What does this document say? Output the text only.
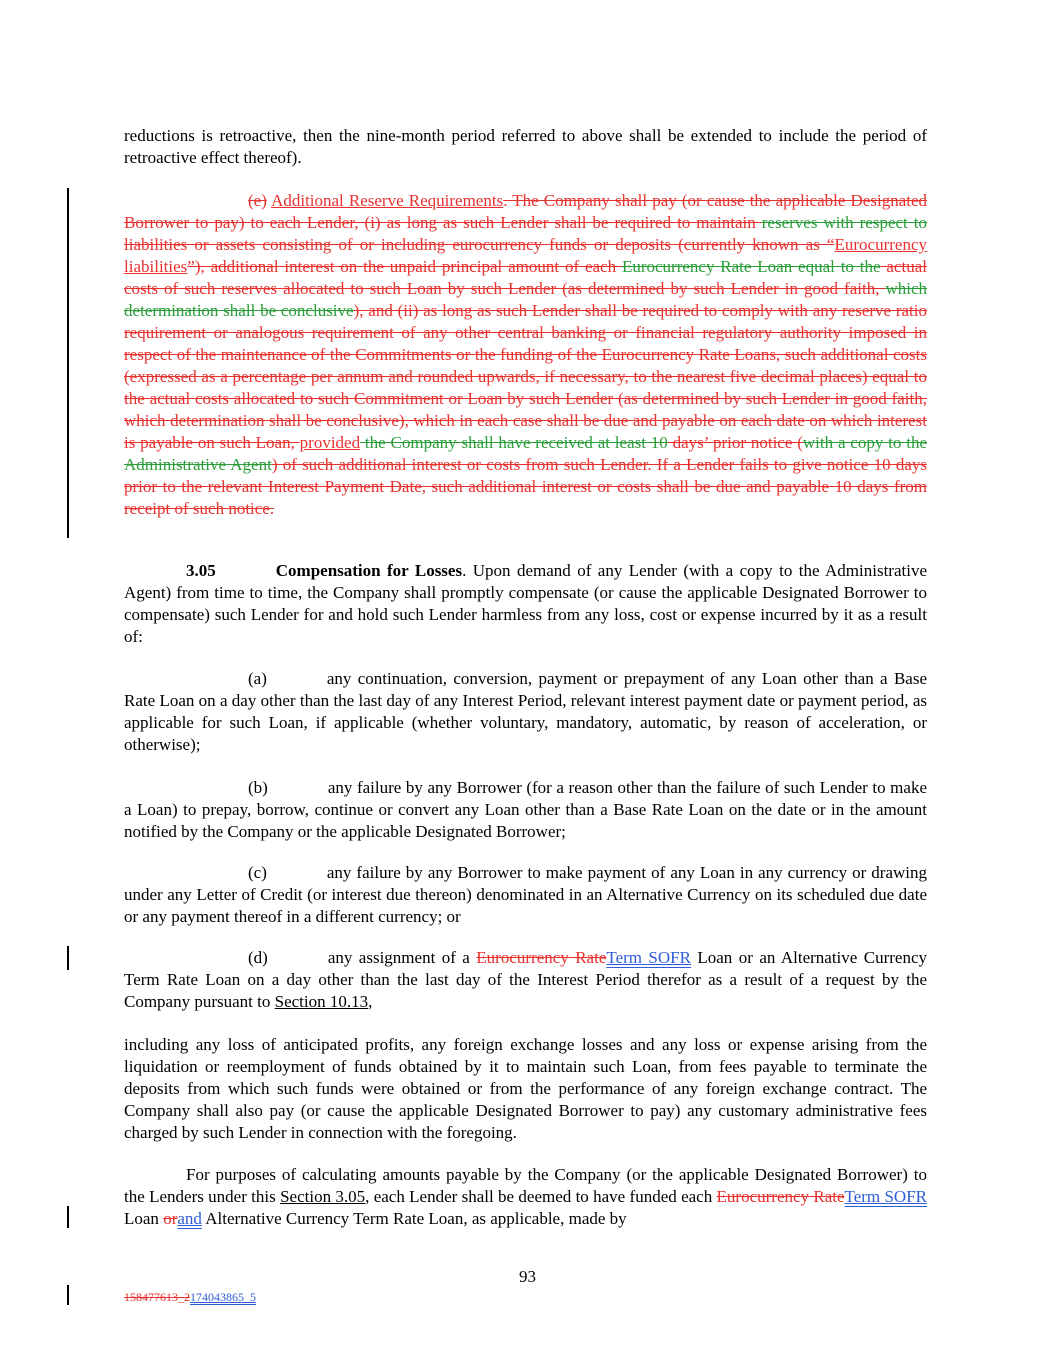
reductions is retroactive, then the nine-month period referred to above shall be extended to include the period of retroactive effect thereof).

(e) Additional Reserve Requirements. The Company shall pay (or cause the applicable Designated Borrower to pay) to each Lender, (i) as long as such Lender shall be required to maintain reserves with respect to liabilities or assets consisting of or including eurocurrency funds or deposits (currently known as “Eurocurrency liabilities”), additional interest on the unpaid principal amount of each Eurocurrency Rate Loan equal to the actual costs of such reserves allocated to such Loan by such Lender (as determined by such Lender in good faith, which determination shall be conclusive), and (ii) as long as such Lender shall be required to comply with any reserve ratio requirement or analogous requirement of any other central banking or financial regulatory authority imposed in respect of the maintenance of the Commitments or the funding of the Eurocurrency Rate Loans, such additional costs (expressed as a percentage per annum and rounded upwards, if necessary, to the nearest five decimal places) equal to the actual costs allocated to such Commitment or Loan by such Lender (as determined by such Lender in good faith, which determination shall be conclusive), which in each case shall be due and payable on each date on which interest is payable on such Loan, provided the Company shall have received at least 10 days’ prior notice (with a copy to the Administrative Agent) of such additional interest or costs from such Lender. If a Lender fails to give notice 10 days prior to the relevant Interest Payment Date, such additional interest or costs shall be due and payable 10 days from receipt of such notice.

3.05	Compensation for Losses. Upon demand of any Lender (with a copy to the Administrative Agent) from time to time, the Company shall promptly compensate (or cause the applicable Designated Borrower to compensate) such Lender for and hold such Lender harmless from any loss, cost or expense incurred by it as a result of:

(a)	any continuation, conversion, payment or prepayment of any Loan other than a Base Rate Loan on a day other than the last day of any Interest Period, relevant interest payment date or payment period, as applicable for such Loan, if applicable (whether voluntary, mandatory, automatic, by reason of acceleration, or otherwise);

(b)	any failure by any Borrower (for a reason other than the failure of such Lender to make a Loan) to prepay, borrow, continue or convert any Loan other than a Base Rate Loan on the date or in the amount notified by the Company or the applicable Designated Borrower;

(c)	any failure by any Borrower to make payment of any Loan in any currency or drawing under any Letter of Credit (or interest due thereon) denominated in an Alternative Currency on its scheduled due date or any payment thereof in a different currency; or

(d)	any assignment of a Eurocurrency RateTerm SOFR Loan or an Alternative Currency Term Rate Loan on a day other than the last day of the Interest Period therefor as a result of a request by the Company pursuant to Section 10.13,

including any loss of anticipated profits, any foreign exchange losses and any loss or expense arising from the liquidation or reemployment of funds obtained by it to maintain such Loan, from fees payable to terminate the deposits from which such funds were obtained or from the performance of any foreign exchange contract. The Company shall also pay (or cause the applicable Designated Borrower to pay) any customary administrative fees charged by such Lender in connection with the foregoing.

For purposes of calculating amounts payable by the Company (or the applicable Designated Borrower) to the Lenders under this Section 3.05, each Lender shall be deemed to have funded each Eurocurrency RateTerm SOFR Loan orand Alternative Currency Term Rate Loan, as applicable, made by

93
158477613_2174043865_5
